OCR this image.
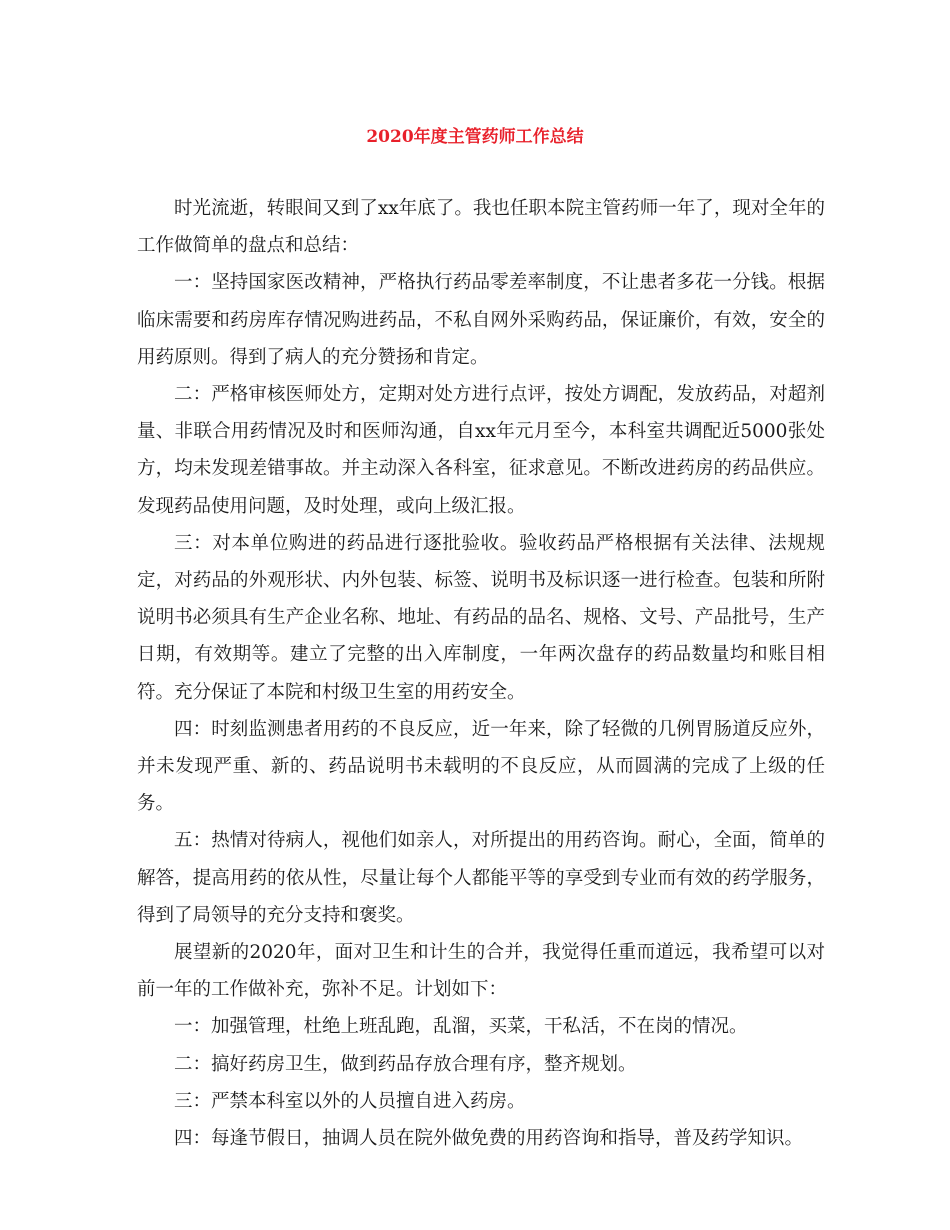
2020年度主管药师工作总结

时光流逝，转眼间又到了xx年底了。我也任职本院主管药师一年了，现对全年的工作做简单的盘点和总结：

一：坚持国家医改精神，严格执行药品零差率制度，不让患者多花一分钱。根据临床需要和药房库存情况购进药品，不私自网外采购药品，保证廉价，有效，安全的用药原则。得到了病人的充分赞扬和肯定。

二：严格审核医师处方，定期对处方进行点评，按处方调配，发放药品，对超剂量、非联合用药情况及时和医师沟通，自xx年元月至今，本科室共调配近5000张处方，均未发现差错事故。并主动深入各科室，征求意见。不断改进药房的药品供应。发现药品使用问题，及时处理，或向上级汇报。

三：对本单位购进的药品进行逐批验收。验收药品严格根据有关法律、法规规定，对药品的外观形状、内外包装、标签、说明书及标识逐一进行检查。包装和所附说明书必须具有生产企业名称、地址、有药品的品名、规格、文号、产品批号，生产日期，有效期等。建立了完整的出入库制度，一年两次盘存的药品数量均和账目相符。充分保证了本院和村级卫生室的用药安全。

四：时刻监测患者用药的不良反应，近一年来，除了轻微的几例胃肠道反应外，并未发现严重、新的、药品说明书未载明的不良反应，从而圆满的完成了上级的任务。

五：热情对待病人，视他们如亲人，对所提出的用药咨询。耐心，全面，简单的解答，提高用药的依从性，尽量让每个人都能平等的享受到专业而有效的药学服务，得到了局领导的充分支持和褒奖。

展望新的2020年，面对卫生和计生的合并，我觉得任重而道远，我希望可以对前一年的工作做补充，弥补不足。计划如下：

一：加强管理，杜绝上班乱跑，乱溜，买菜，干私活，不在岗的情况。

二：搞好药房卫生，做到药品存放合理有序，整齐规划。

三：严禁本科室以外的人员擅自进入药房。

四：每逢节假日，抽调人员在院外做免费的用药咨询和指导，普及药学知识。
